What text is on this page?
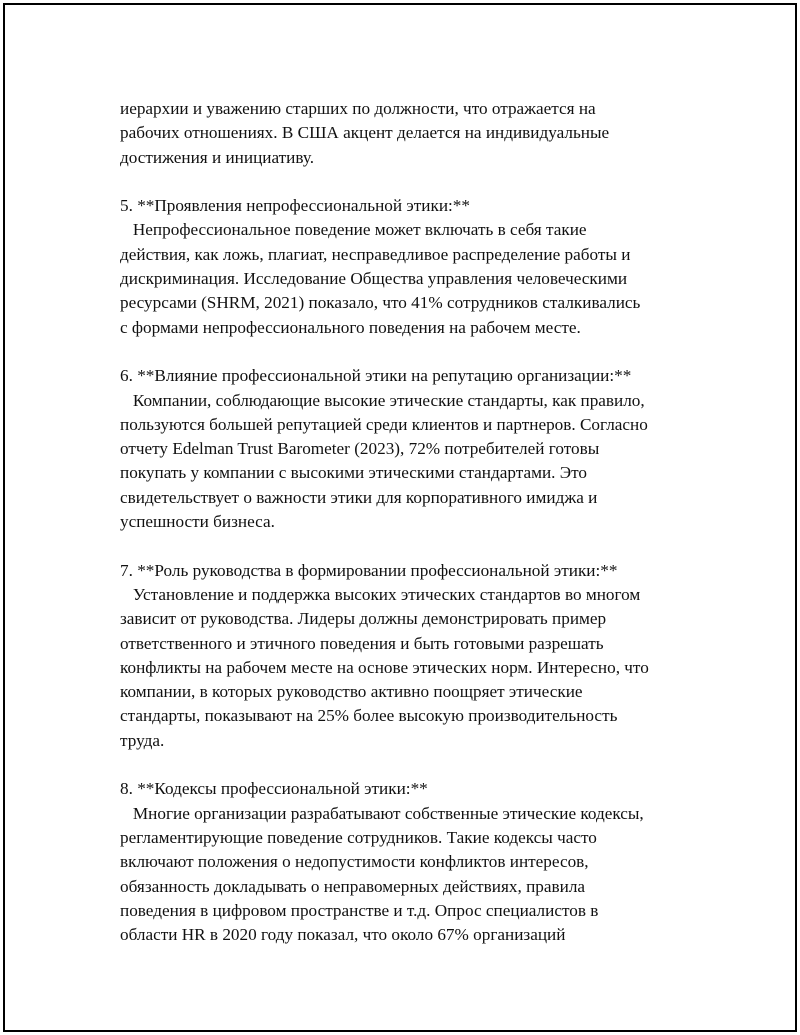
иерархии и уважению старших по должности, что отражается на
рабочих отношениях. В США акцент делается на индивидуальные
достижения и инициативу.
5. **Проявления непрофессиональной этики:**
Непрофессиональное поведение может включать в себя такие
действия, как ложь, плагиат, несправедливое распределение работы и
дискриминация. Исследование Общества управления человеческими
ресурсами (SHRM, 2021) показало, что 41% сотрудников сталкивались
с формами непрофессионального поведения на рабочем месте.
6. **Влияние профессиональной этики на репутацию организации:**
Компании, соблюдающие высокие этические стандарты, как правило,
пользуются большей репутацией среди клиентов и партнеров. Согласно
отчету Edelman Trust Barometer (2023), 72% потребителей готовы
покупать у компании с высокими этическими стандартами. Это
свидетельствует о важности этики для корпоративного имиджа и
успешности бизнеса.
7. **Роль руководства в формировании профессиональной этики:**
Установление и поддержка высоких этических стандартов во многом
зависит от руководства. Лидеры должны демонстрировать пример
ответственного и этичного поведения и быть готовыми разрешать
конфликты на рабочем месте на основе этических норм. Интересно, что
компании, в которых руководство активно поощряет этические
стандарты, показывают на 25% более высокую производительность
труда.
8. **Кодексы профессиональной этики:**
Многие организации разрабатывают собственные этические кодексы,
регламентирующие поведение сотрудников. Такие кодексы часто
включают положения о недопустимости конфликтов интересов,
обязанность докладывать о неправомерных действиях, правила
поведения в цифровом пространстве и т.д. Опрос специалистов в
области HR в 2020 году показал, что около 67% организаций
